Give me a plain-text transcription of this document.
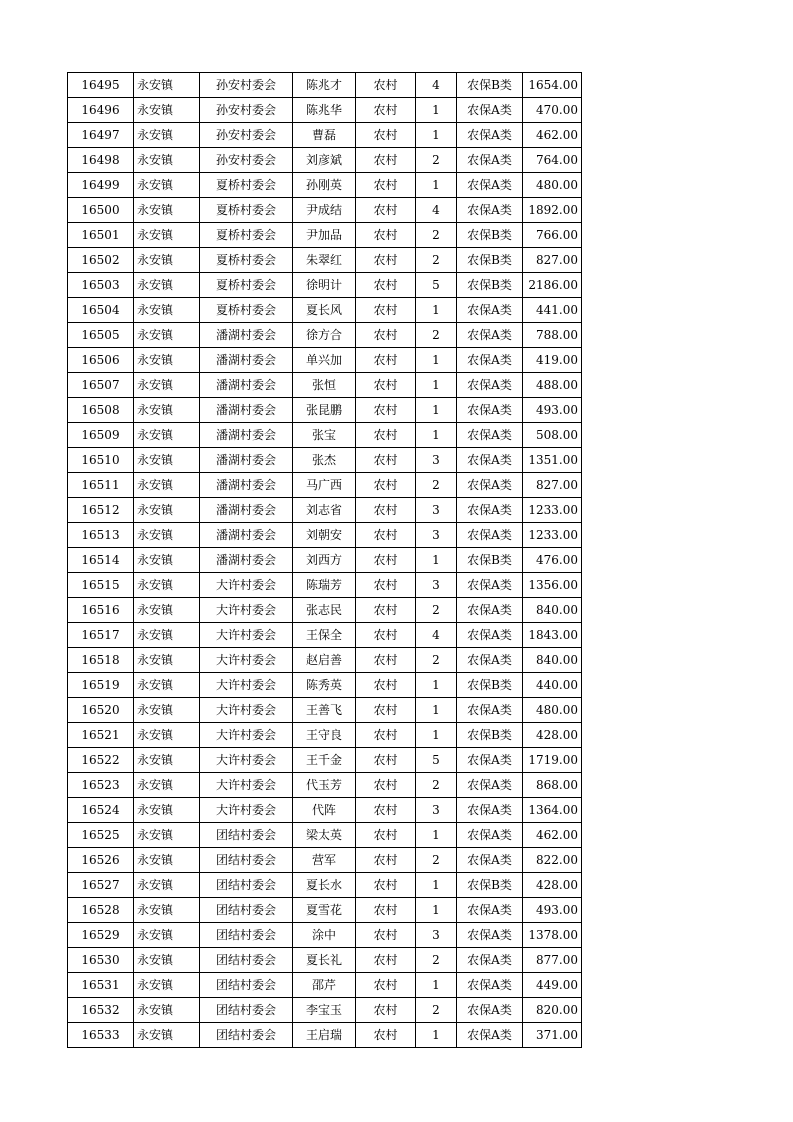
16495	永安镇	孙安村委会	陈兆才	农村	4	农保B类	1654.00
16496	永安镇	孙安村委会	陈兆华	农村	1	农保A类	470.00
16497	永安镇	孙安村委会	曹磊	农村	1	农保A类	462.00
16498	永安镇	孙安村委会	刘彦斌	农村	2	农保A类	764.00
16499	永安镇	夏桥村委会	孙刚英	农村	1	农保A类	480.00
16500	永安镇	夏桥村委会	尹成结	农村	4	农保A类	1892.00
16501	永安镇	夏桥村委会	尹加品	农村	2	农保B类	766.00
16502	永安镇	夏桥村委会	朱翠红	农村	2	农保B类	827.00
16503	永安镇	夏桥村委会	徐明计	农村	5	农保B类	2186.00
16504	永安镇	夏桥村委会	夏长风	农村	1	农保A类	441.00
16505	永安镇	潘湖村委会	徐方合	农村	2	农保A类	788.00
16506	永安镇	潘湖村委会	单兴加	农村	1	农保A类	419.00
16507	永安镇	潘湖村委会	张恒	农村	1	农保A类	488.00
16508	永安镇	潘湖村委会	张昆鹏	农村	1	农保A类	493.00
16509	永安镇	潘湖村委会	张宝	农村	1	农保A类	508.00
16510	永安镇	潘湖村委会	张杰	农村	3	农保A类	1351.00
16511	永安镇	潘湖村委会	马广西	农村	2	农保A类	827.00
16512	永安镇	潘湖村委会	刘志省	农村	3	农保A类	1233.00
16513	永安镇	潘湖村委会	刘朝安	农村	3	农保A类	1233.00
16514	永安镇	潘湖村委会	刘西方	农村	1	农保B类	476.00
16515	永安镇	大许村委会	陈瑞芳	农村	3	农保A类	1356.00
16516	永安镇	大许村委会	张志民	农村	2	农保A类	840.00
16517	永安镇	大许村委会	王保全	农村	4	农保A类	1843.00
16518	永安镇	大许村委会	赵启善	农村	2	农保A类	840.00
16519	永安镇	大许村委会	陈秀英	农村	1	农保B类	440.00
16520	永安镇	大许村委会	王善飞	农村	1	农保A类	480.00
16521	永安镇	大许村委会	王守良	农村	1	农保B类	428.00
16522	永安镇	大许村委会	王千金	农村	5	农保A类	1719.00
16523	永安镇	大许村委会	代玉芳	农村	2	农保A类	868.00
16524	永安镇	大许村委会	代阵	农村	3	农保A类	1364.00
16525	永安镇	团结村委会	梁太英	农村	1	农保A类	462.00
16526	永安镇	团结村委会	营军	农村	2	农保A类	822.00
16527	永安镇	团结村委会	夏长水	农村	1	农保B类	428.00
16528	永安镇	团结村委会	夏雪花	农村	1	农保A类	493.00
16529	永安镇	团结村委会	涂中	农村	3	农保A类	1378.00
16530	永安镇	团结村委会	夏长礼	农村	2	农保A类	877.00
16531	永安镇	团结村委会	邵芹	农村	1	农保A类	449.00
16532	永安镇	团结村委会	李宝玉	农村	2	农保A类	820.00
16533	永安镇	团结村委会	王启瑞	农村	1	农保A类	371.00
